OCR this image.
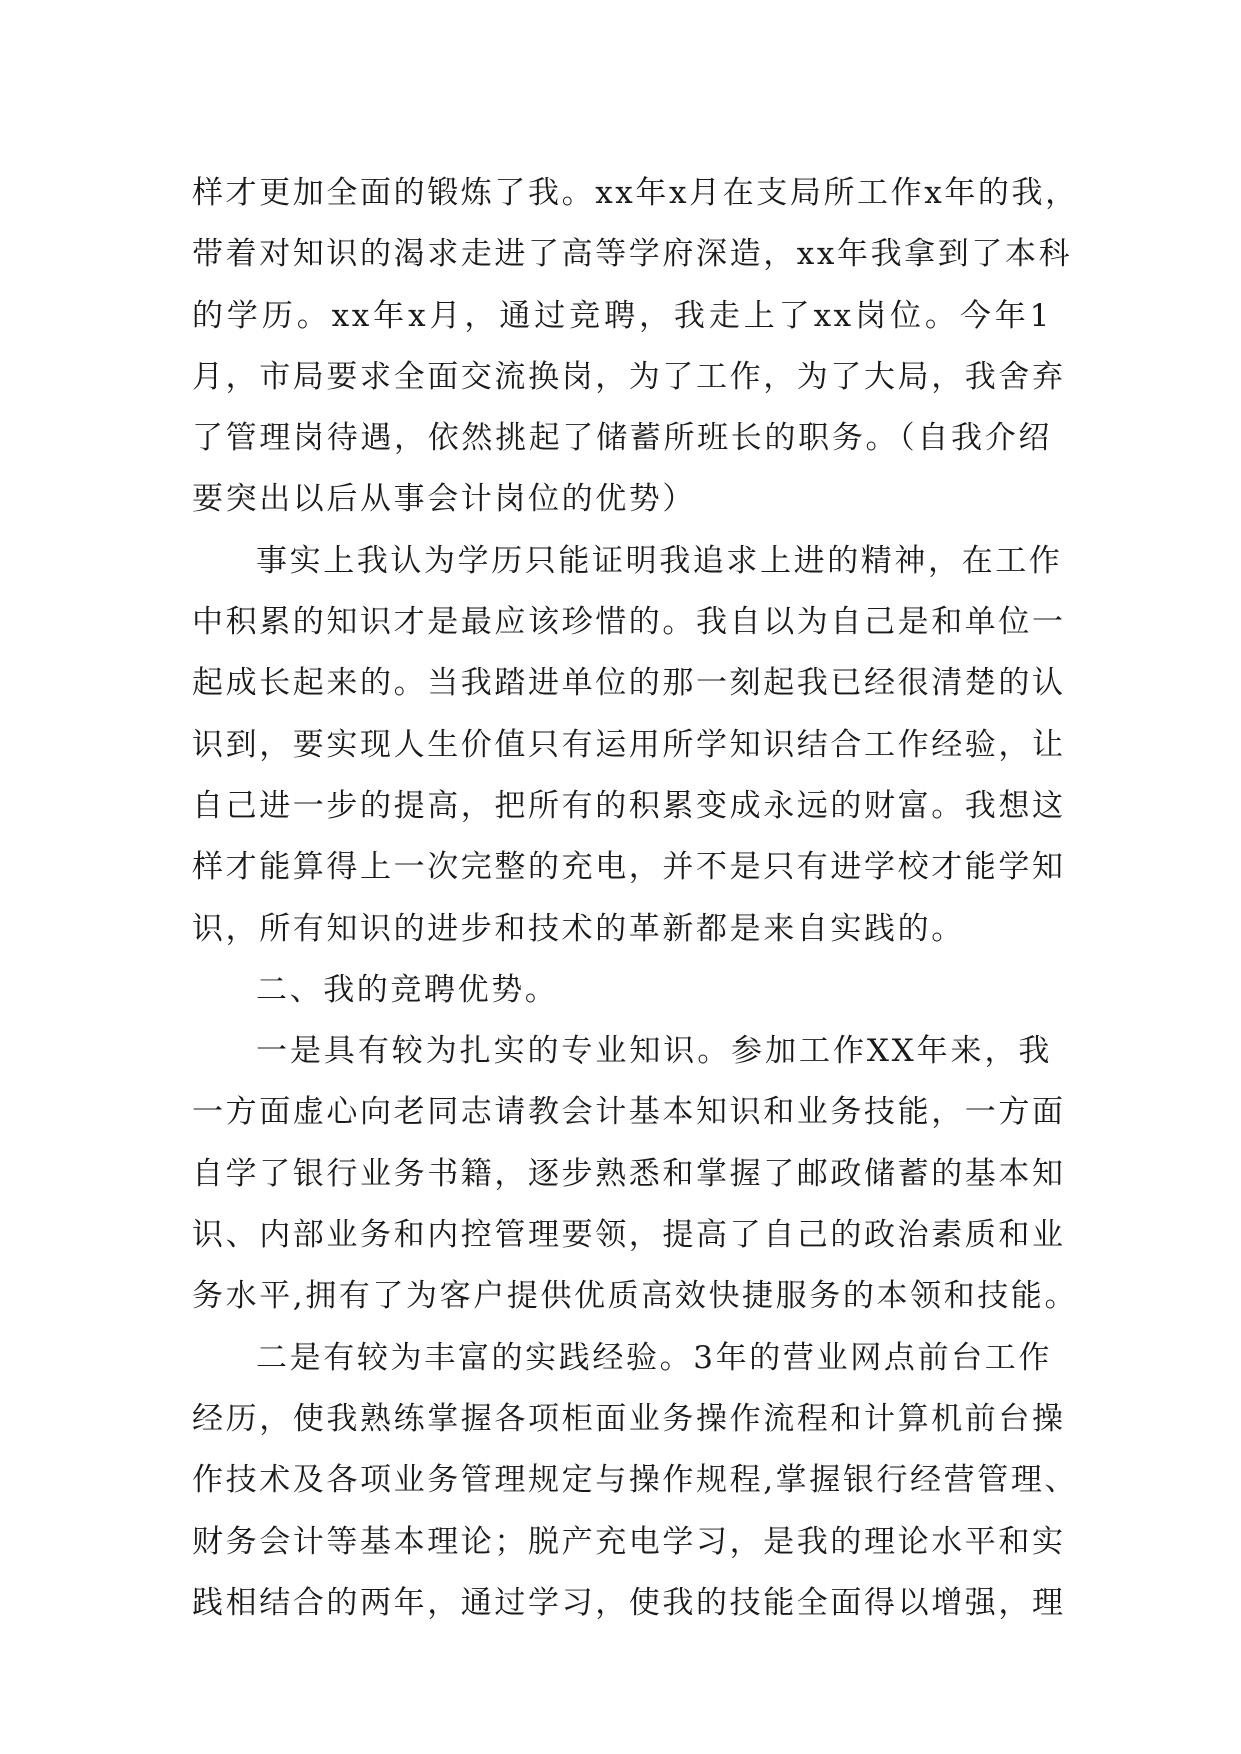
样才更加全面的锻炼了我。xx年x月在支局所工作x年的我，
带着对知识的渴求走进了高等学府深造，xx年我拿到了本科
的学历。xx年x月，通过竞聘，我走上了xx岗位。今年1
月，市局要求全面交流换岗，为了工作，为了大局，我舍弃
了管理岗待遇，依然挑起了储蓄所班长的职务。（自我介绍
要突出以后从事会计岗位的优势）
事实上我认为学历只能证明我追求上进的精神，在工作
中积累的知识才是最应该珍惜的。我自以为自己是和单位一
起成长起来的。当我踏进单位的那一刻起我已经很清楚的认
识到，要实现人生价值只有运用所学知识结合工作经验，让
自己进一步的提高，把所有的积累变成永远的财富。我想这
样才能算得上一次完整的充电，并不是只有进学校才能学知
识，所有知识的进步和技术的革新都是来自实践的。
二、我的竞聘优势。
一是具有较为扎实的专业知识。参加工作XX年来，我
一方面虚心向老同志请教会计基本知识和业务技能，一方面
自学了银行业务书籍，逐步熟悉和掌握了邮政储蓄的基本知
识、内部业务和内控管理要领，提高了自己的政治素质和业
务水平,拥有了为客户提供优质高效快捷服务的本领和技能。
二是有较为丰富的实践经验。3年的营业网点前台工作
经历，使我熟练掌握各项柜面业务操作流程和计算机前台操
作技术及各项业务管理规定与操作规程,掌握银行经营管理、
财务会计等基本理论；脱产充电学习，是我的理论水平和实
践相结合的两年，通过学习，使我的技能全面得以增强，理
